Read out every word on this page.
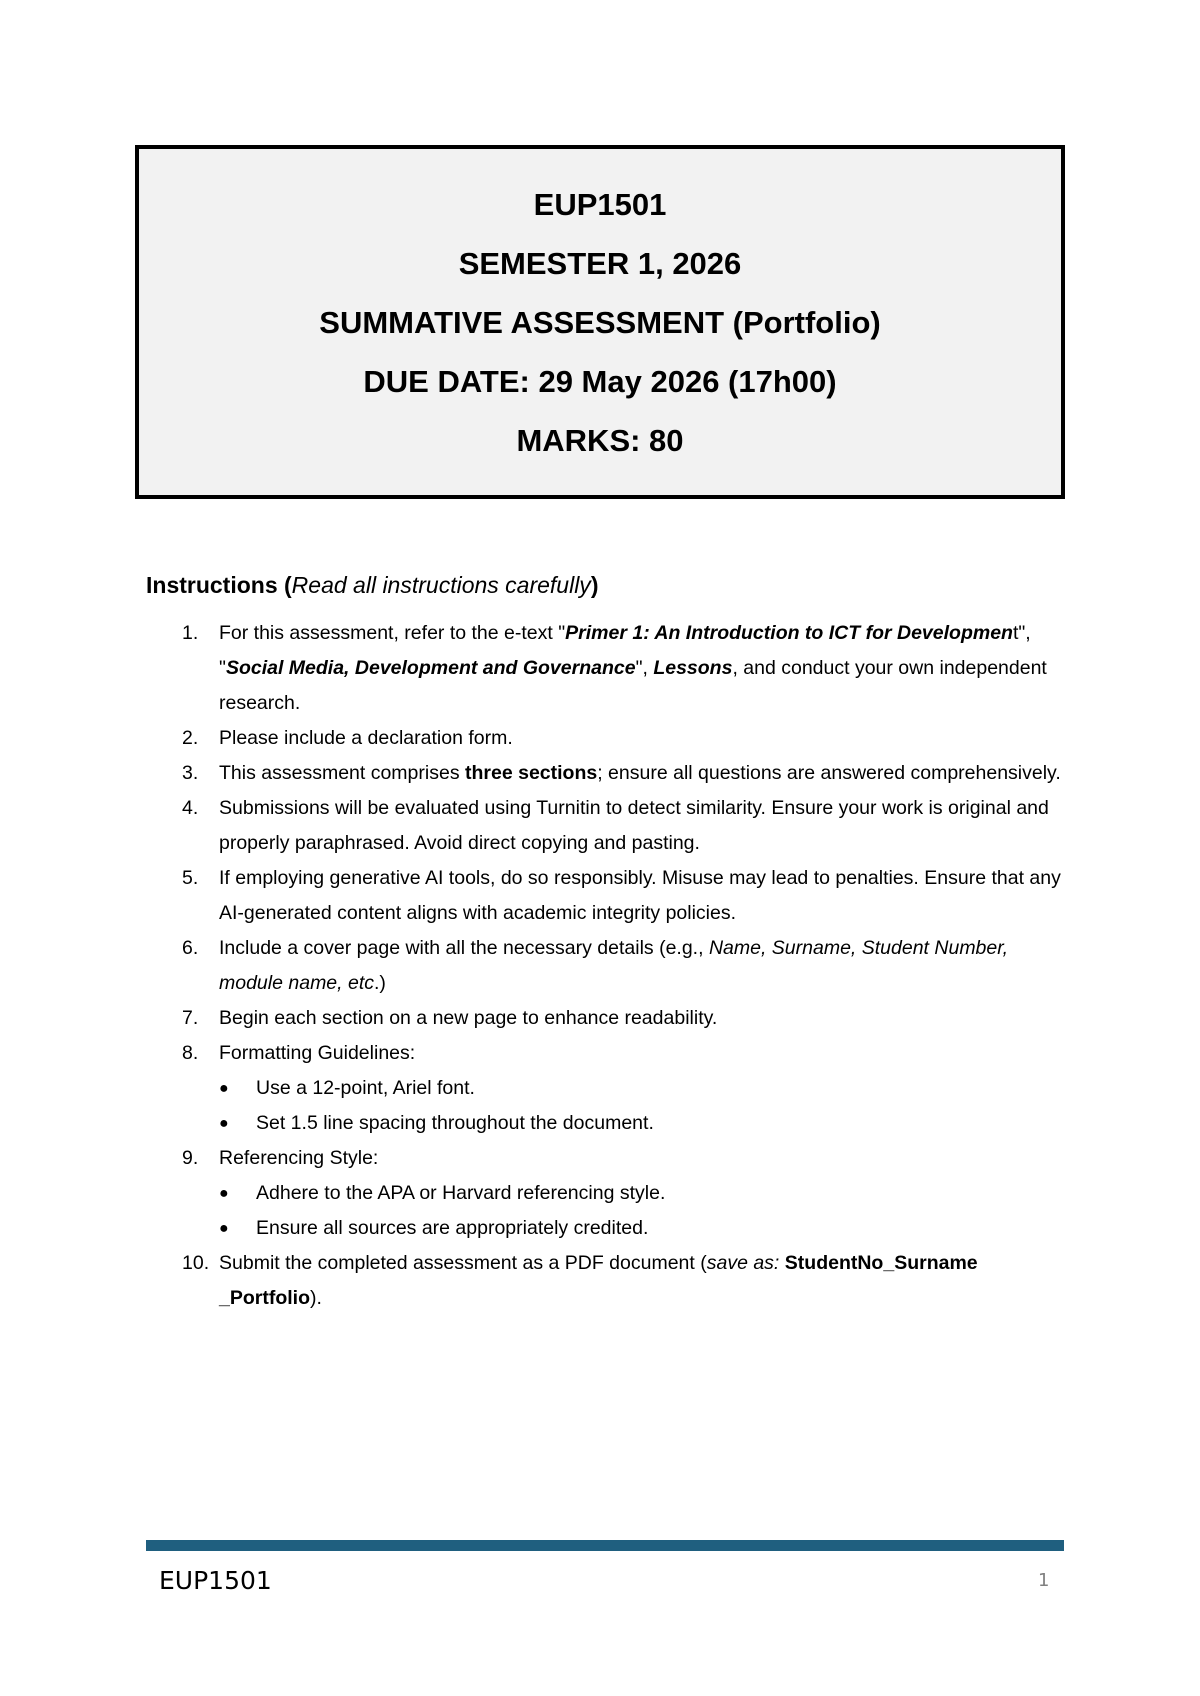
EUP1501
SEMESTER 1, 2026
SUMMATIVE ASSESSMENT (Portfolio)
DUE DATE: 29 May 2026 (17h00)
MARKS: 80
Instructions (Read all instructions carefully)
1. For this assessment, refer to the e-text "Primer 1: An Introduction to ICT for Development", "Social Media, Development and Governance", Lessons, and conduct your own independent research.
2. Please include a declaration form.
3. This assessment comprises three sections; ensure all questions are answered comprehensively.
4. Submissions will be evaluated using Turnitin to detect similarity. Ensure your work is original and properly paraphrased. Avoid direct copying and pasting.
5. If employing generative AI tools, do so responsibly. Misuse may lead to penalties. Ensure that any AI-generated content aligns with academic integrity policies.
6. Include a cover page with all the necessary details (e.g., Name, Surname, Student Number, module name, etc.)
7. Begin each section on a new page to enhance readability.
8. Formatting Guidelines:
● Use a 12-point, Ariel font.
● Set 1.5 line spacing throughout the document.
9. Referencing Style:
● Adhere to the APA or Harvard referencing style.
● Ensure all sources are appropriately credited.
10. Submit the completed assessment as a PDF document (save as: StudentNo_Surname _Portfolio).
EUP1501	1
